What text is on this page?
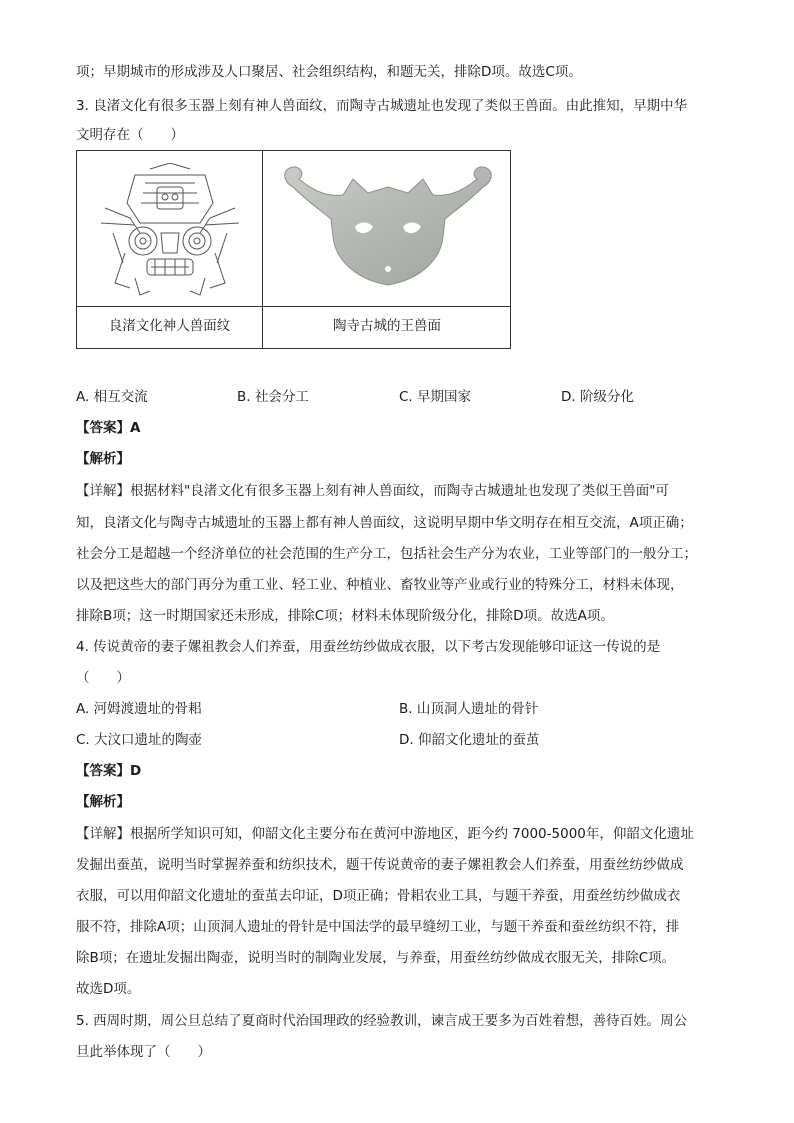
项；早期城市的形成涉及人口聚居、社会组织结构，和题无关，排除D项。故选C项。
3. 良渚文化有很多玉器上刻有神人兽面纹，而陶寺古城遗址也发现了类似王兽面。由此推知，早期中华
文明存在（　　）
良渚文化神人兽面纹	陶寺古城的王兽面
A. 相互交流	B. 社会分工	C. 早期国家	D. 阶级分化
【答案】A
【解析】
【详解】根据材料"良渚文化有很多玉器上刻有神人兽面纹，而陶寺古城遗址也发现了类似王兽面"可
知，良渚文化与陶寺古城遗址的玉器上都有神人兽面纹，这说明早期中华文明存在相互交流，A项正确；
社会分工是超越一个经济单位的社会范围的生产分工，包括社会生产分为农业，工业等部门的一般分工；
以及把这些大的部门再分为重工业、轻工业、种植业、畜牧业等产业或行业的特殊分工，材料未体现，
排除B项；这一时期国家还未形成，排除C项；材料未体现阶级分化，排除D项。故选A项。
4. 传说黄帝的妻子嫘祖教会人们养蚕，用蚕丝纺纱做成衣服，以下考古发现能够印证这一传说的是
（　　）
A. 河姆渡遗址的骨耜	B. 山顶洞人遗址的骨针
C. 大汶口遗址的陶壶	D. 仰韶文化遗址的蚕茧
【答案】D
【解析】
【详解】根据所学知识可知，仰韶文化主要分布在黄河中游地区，距今约 7000-5000年，仰韶文化遗址
发掘出蚕茧，说明当时掌握养蚕和纺织技术，题干传说黄帝的妻子嫘祖教会人们养蚕，用蚕丝纺纱做成
衣服，可以用仰韶文化遗址的蚕茧去印证，D项正确；骨耜农业工具，与题干养蚕，用蚕丝纺纱做成衣
服不符，排除A项；山顶洞人遗址的骨针是中国法学的最早缝纫工业，与题干养蚕和蚕丝纺织不符，排
除B项；在遗址发掘出陶壶，说明当时的制陶业发展，与养蚕，用蚕丝纺纱做成衣服无关，排除C项。
故选D项。
5. 西周时期，周公旦总结了夏商时代治国理政的经验教训，谏言成王要多为百姓着想，善待百姓。周公
旦此举体现了（　　）
